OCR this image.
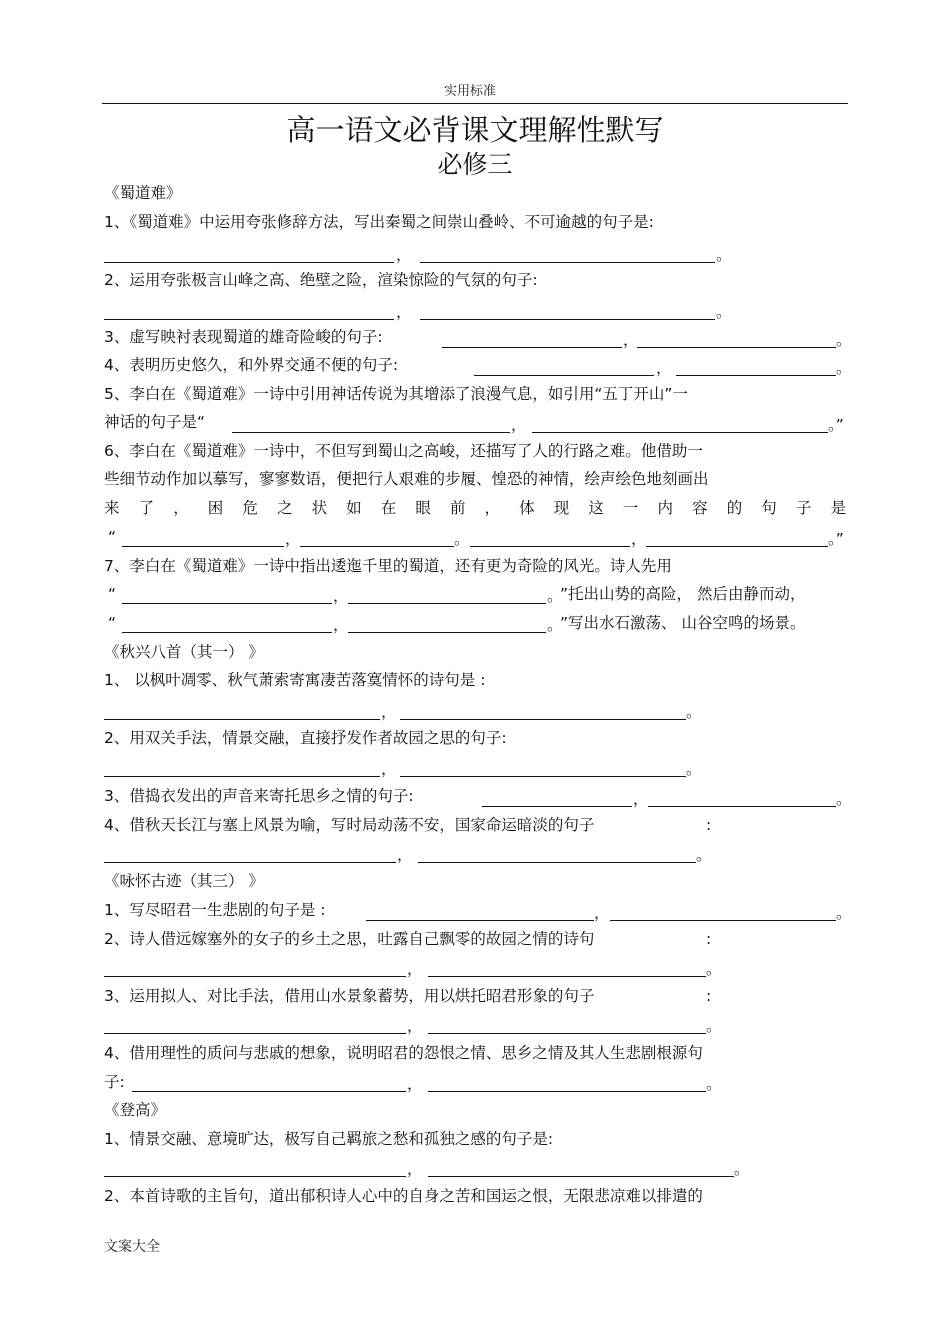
实用标准
高一语文必背课文理解性默写
必修三
《蜀道难》
1、《蜀道难》中运用夸张修辞方法，写出秦蜀之间崇山叠岭、不可逾越的句子是:
，	。
2、运用夸张极言山峰之高、绝壁之险，渲染惊险的气氛的句子:
，	。
3、虚写映衬表现蜀道的雄奇险峻的句子:	，	。
4、表明历史悠久，和外界交通不便的句子:	，	。
5、李白在《蜀道难》一诗中引用神话传说为其增添了浪漫气息，如引用“五丁开山”一
神话的句子是“	，	。”
6、李白在《蜀道难》一诗中，不但写到蜀山之高峻，还描写了人的行路之难。他借助一
些细节动作加以摹写，寥寥数语，便把行人艰难的步履、惶恐的神情，绘声绘色地刻画出
来 了 ， 困 危 之 状 如 在 眼 前 ， 体 现 这 一 内 容 的 句 子 是
“	，	。	，	。”
7、李白在《蜀道难》一诗中指出逶迤千里的蜀道，还有更为奇险的风光。诗人先用
“	，	。
”托出山势的高险， 然后由静而动，
“	，	。
”写出水石激荡、 山谷空鸣的场景。
《秋兴八首（其一） 》
1、 以枫叶凋零、秋气萧索寄寓凄苦落寞情怀的诗句是 :
，	。
2、用双关手法，情景交融，直接抒发作者故园之思的句子:
，	。
3、借捣衣发出的声音来寄托思乡之情的句子:	，	。
4、借秋天长江与塞上风景为喻，写时局动荡不安，国家命运暗淡的句子	:
，	。
《咏怀古迹（其三） 》
1、写尽昭君一生悲剧的句子是 :	，	。
2、诗人借远嫁塞外的女子的乡土之思，吐露自己飘零的故园之情的诗句	:
，	。
3、运用拟人、对比手法，借用山水景象蓄势，用以烘托昭君形象的句子	:
，	。
4、借用理性的质问与悲戚的想象，说明昭君的怨恨之情、思乡之情及其人生悲剧根源句
子:	，	。
《登高》
1、情景交融、意境旷达，极写自己羁旅之愁和孤独之感的句子是:
，	。
2、本首诗歌的主旨句，道出郁积诗人心中的自身之苦和国运之恨，无限悲凉难以排遣的
文案大全
